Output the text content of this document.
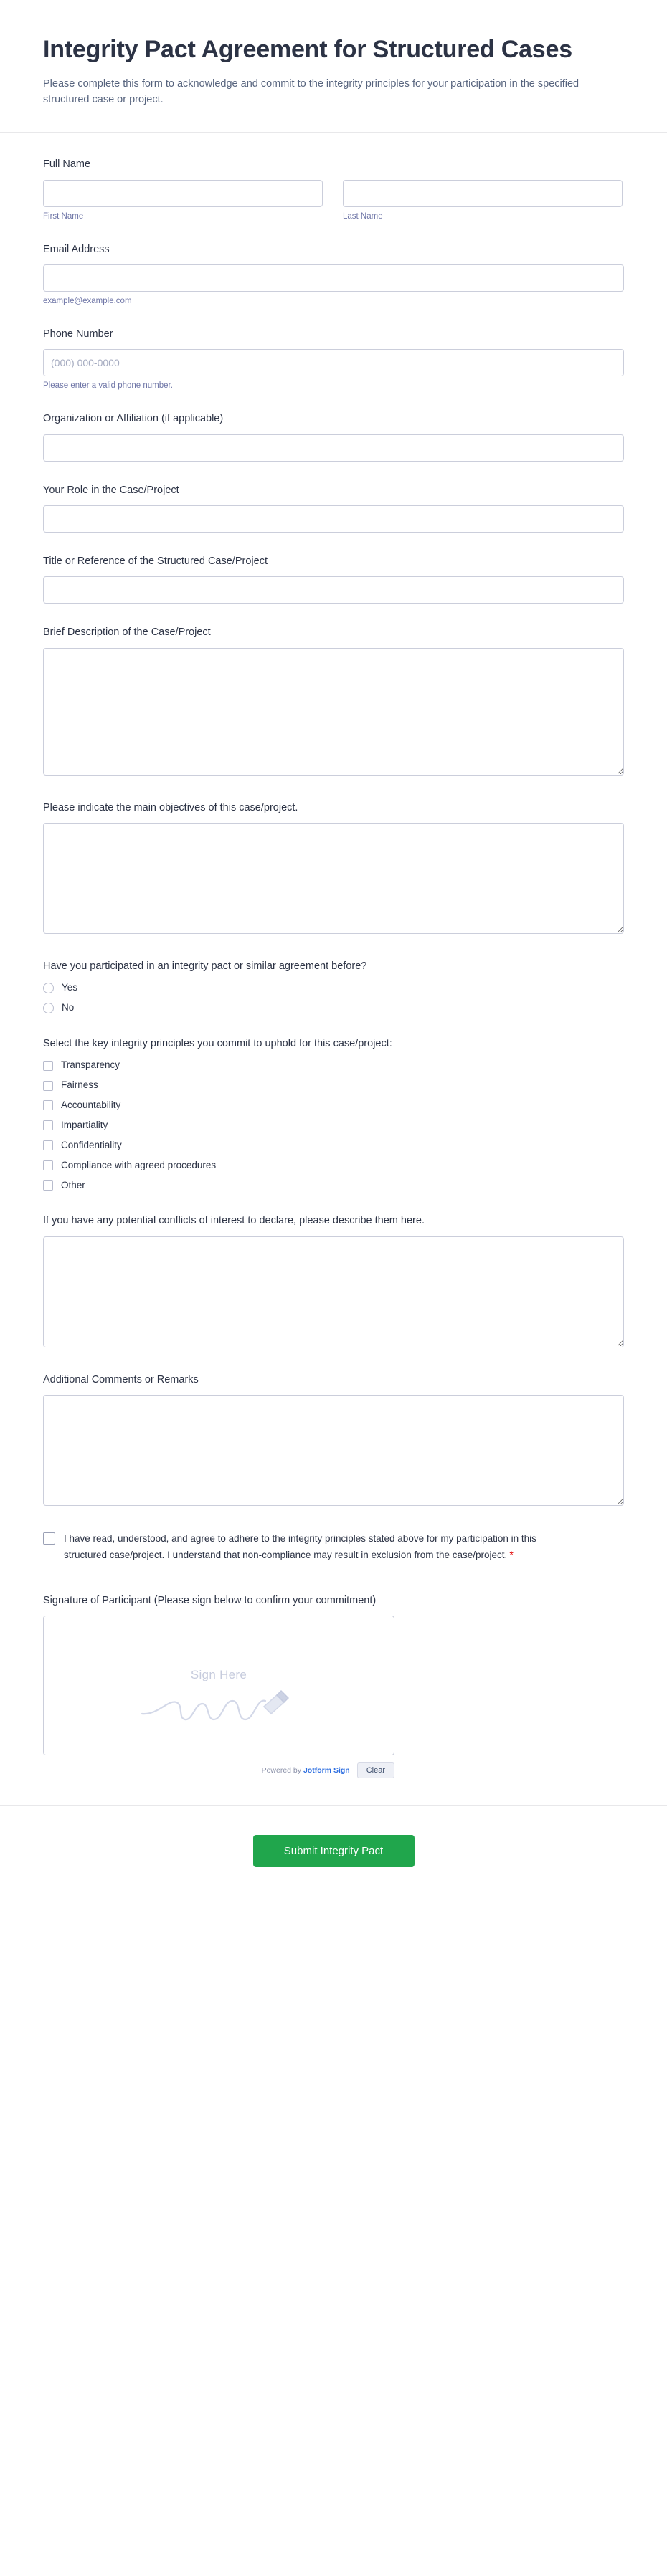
Integrity Pact Agreement for Structured Cases

Please complete this form to acknowledge and commit to the integrity principles for your participation in the specified structured case or project.

Full Name
First Name	Last Name
Email Address
example@example.com
Phone Number
(000) 000-0000
Please enter a valid phone number.
Organization or Affiliation (if applicable)
Your Role in the Case/Project
Title or Reference of the Structured Case/Project
Brief Description of the Case/Project
Please indicate the main objectives of this case/project.
Have you participated in an integrity pact or similar agreement before?
Yes
No
Select the key integrity principles you commit to uphold for this case/project:
Transparency
Fairness
Accountability
Impartiality
Confidentiality
Compliance with agreed procedures
Other
If you have any potential conflicts of interest to declare, please describe them here.
Additional Comments or Remarks
I have read, understood, and agree to adhere to the integrity principles stated above for my participation in this structured case/project. I understand that non-compliance may result in exclusion from the case/project. *
Signature of Participant (Please sign below to confirm your commitment)
Sign Here
Powered by Jotform Sign	Clear
Submit Integrity Pact
